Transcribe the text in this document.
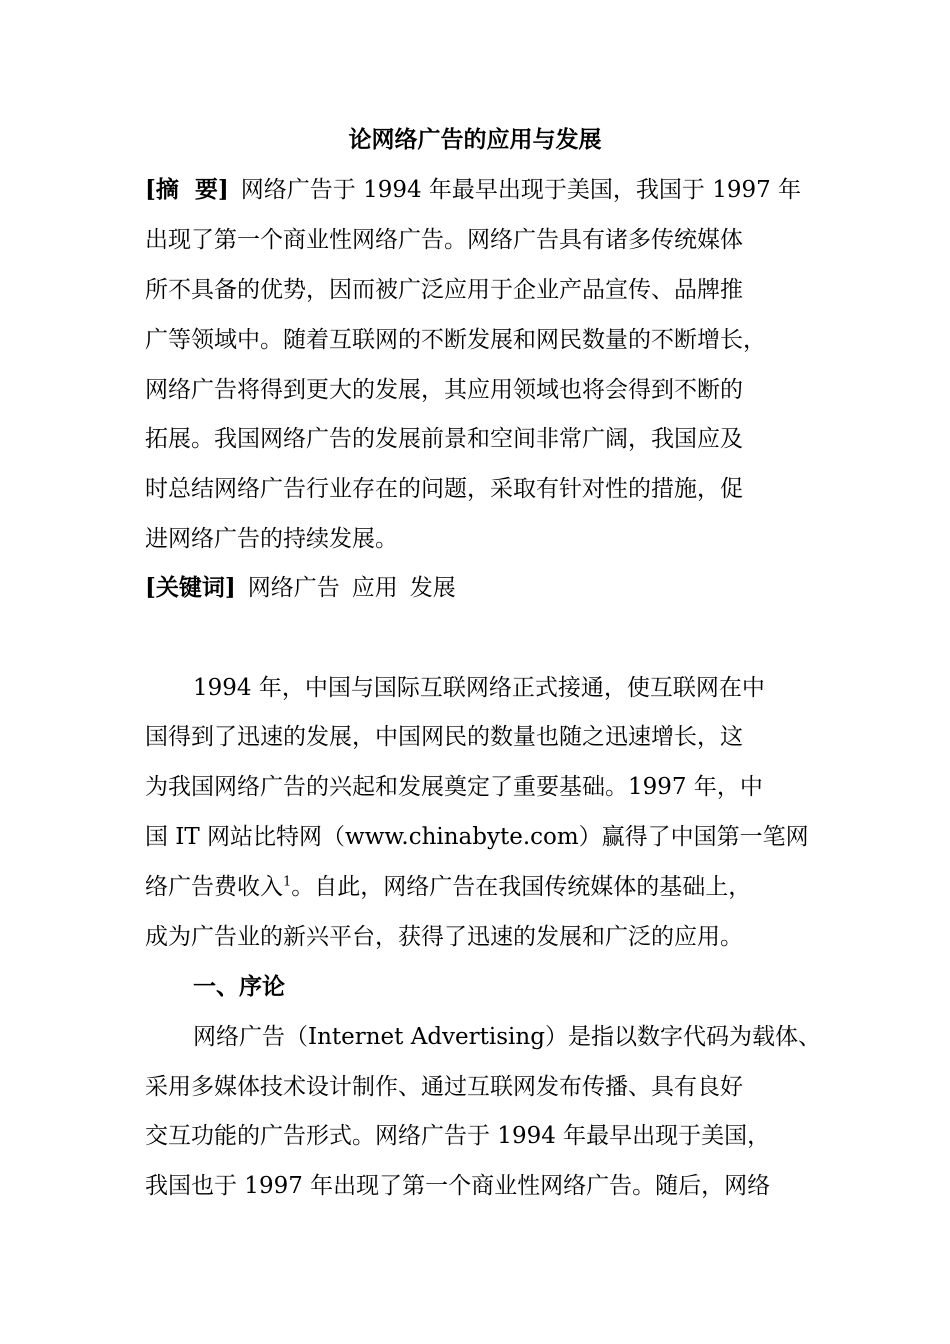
论网络广告的应用与发展

[摘  要] 网络广告于 1994 年最早出现于美国，我国于 1997 年

出现了第一个商业性网络广告。网络广告具有诸多传统媒体

所不具备的优势，因而被广泛应用于企业产品宣传、品牌推

广等领域中。随着互联网的不断发展和网民数量的不断增长，

网络广告将得到更大的发展，其应用领域也将会得到不断的

拓展。我国网络广告的发展前景和空间非常广阔，我国应及

时总结网络广告行业存在的问题，采取有针对性的措施，促

进网络广告的持续发展。

[关键词] 网络广告 应用 发展

1994 年，中国与国际互联网络正式接通，使互联网在中

国得到了迅速的发展，中国网民的数量也随之迅速增长，这

为我国网络广告的兴起和发展奠定了重要基础。1997 年，中

国 IT 网站比特网（www.chinabyte.com）赢得了中国第一笔网

络广告费收入$^1$。自此，网络广告在我国传统媒体的基础上，

成为广告业的新兴平台，获得了迅速的发展和广泛的应用。

一、序论

网络广告（Internet Advertising）是指以数字代码为载体、

采用多媒体技术设计制作、通过互联网发布传播、具有良好

交互功能的广告形式。网络广告于 1994 年最早出现于美国，

我国也于 1997 年出现了第一个商业性网络广告。随后，网络
